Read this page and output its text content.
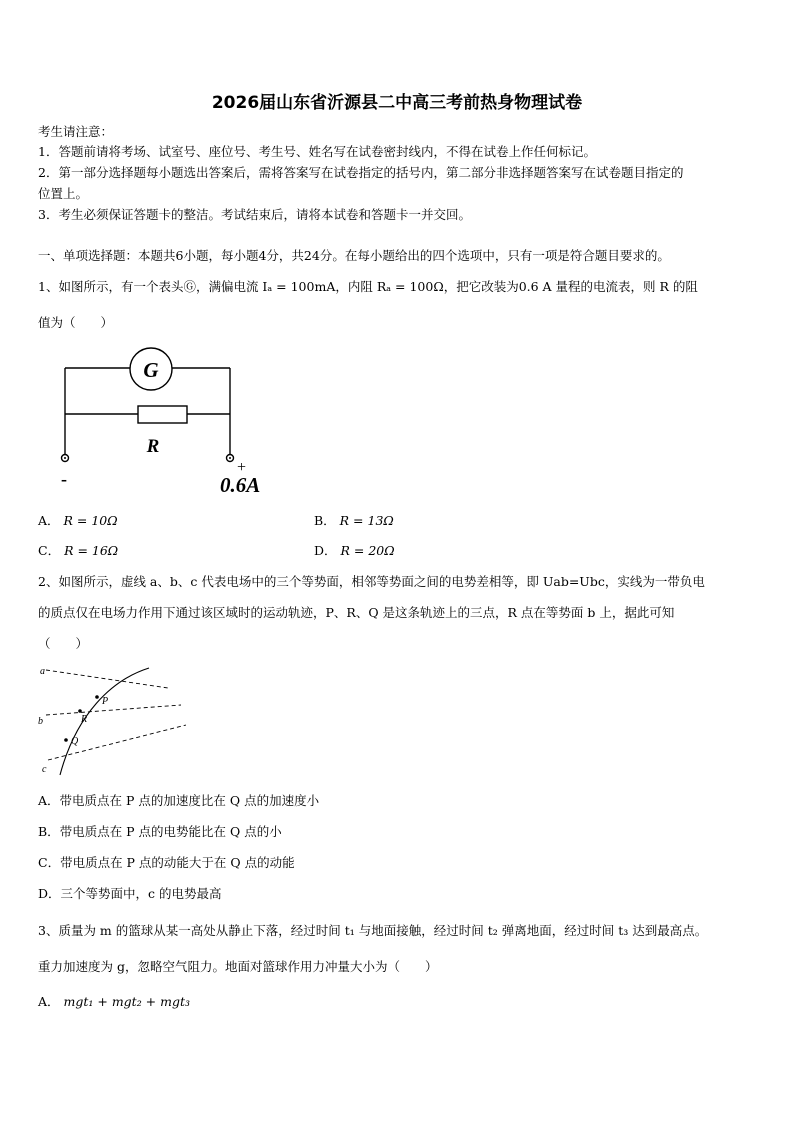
2026届山东省沂源县二中高三考前热身物理试卷
考生请注意：
1．答题前请将考场、试室号、座位号、考生号、姓名写在试卷密封线内，不得在试卷上作任何标记。
2．第一部分选择题每小题选出答案后，需将答案写在试卷指定的括号内，第二部分非选择题答案写在试卷题目指定的
位置上。
3．考生必须保证答题卡的整洁。考试结束后，请将本试卷和答题卡一并交回。
一、单项选择题：本题共6小题，每小题4分，共24分。在每小题给出的四个选项中，只有一项是符合题目要求的。
1、如图所示，有一个表头Ⓖ，满偏电流 Iₐ = 100mA，内阻 Rₐ = 100Ω，把它改装为0.6 A 量程的电流表，则 R 的阻
值为（　　）
G
R
-
+
0.6A
A． R = 10Ω	B． R = 13Ω
C． R = 16Ω	D． R = 20Ω
2、如图所示，虚线 a、b、c 代表电场中的三个等势面，相邻等势面之间的电势差相等，即 Uab=Ubc，实线为一带负电
的质点仅在电场力作用下通过该区域时的运动轨迹，P、R、Q 是这条轨迹上的三点，R 点在等势面 b 上，据此可知
（　　）
a
b
c
P
R
Q
A．带电质点在 P 点的加速度比在 Q 点的加速度小
B．带电质点在 P 点的电势能比在 Q 点的小
C．带电质点在 P 点的动能大于在 Q 点的动能
D．三个等势面中，c 的电势最高
3、质量为 m 的篮球从某一高处从静止下落，经过时间 t₁ 与地面接触，经过时间 t₂ 弹离地面，经过时间 t₃ 达到最高点。
重力加速度为 g，忽略空气阻力。地面对篮球作用力冲量大小为（　　）
A． mgt₁ + mgt₂ + mgt₃
